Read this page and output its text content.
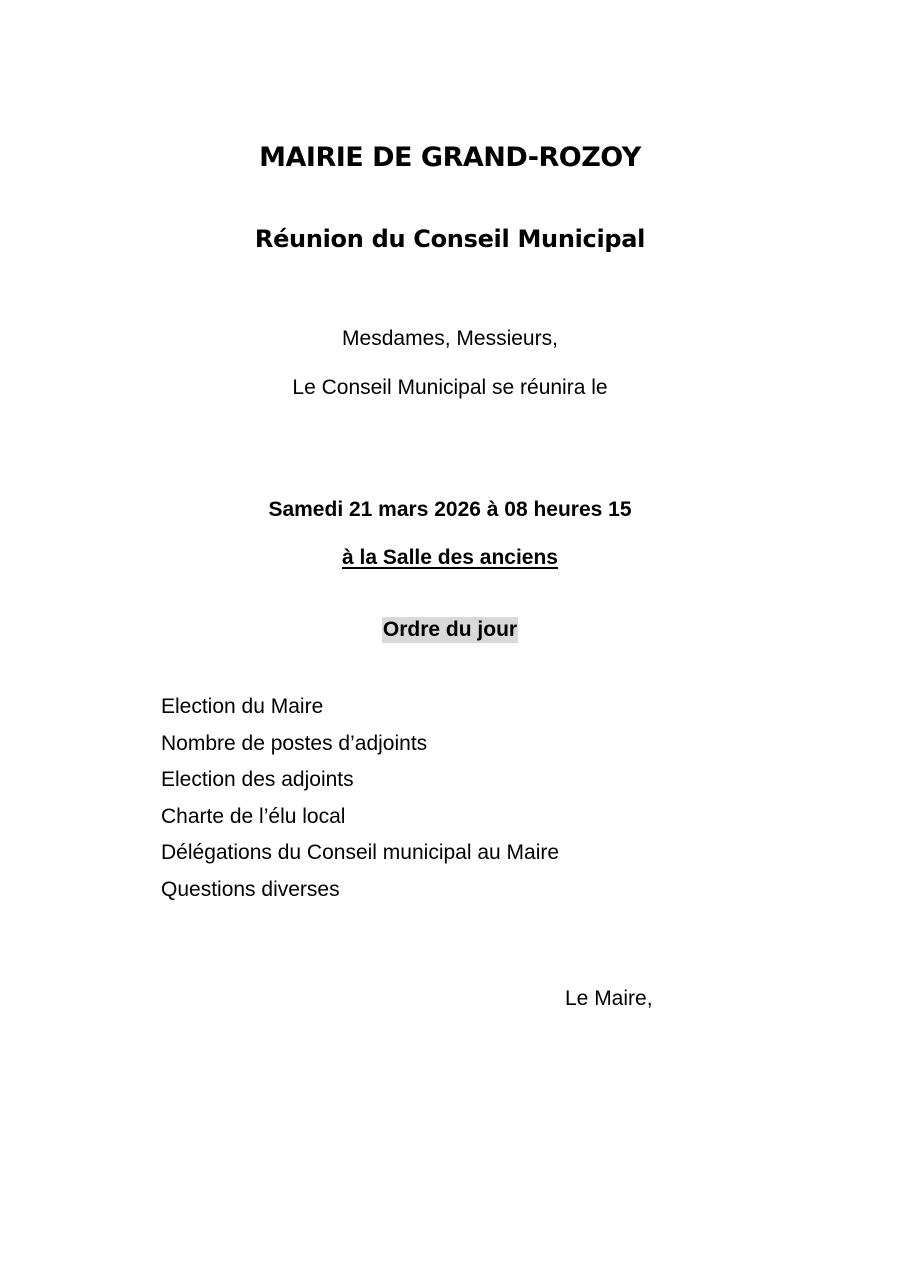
MAIRIE DE GRAND-ROZOY
Réunion du Conseil Municipal

Mesdames, Messieurs,

Le Conseil Municipal se réunira le

Samedi 21 mars 2026 à 08 heures 15

à la Salle des anciens

Ordre du jour
Election du Maire
Nombre de postes d’adjoints
Election des adjoints
Charte de l’élu local
Délégations du Conseil municipal au Maire
Questions diverses

Le Maire,
